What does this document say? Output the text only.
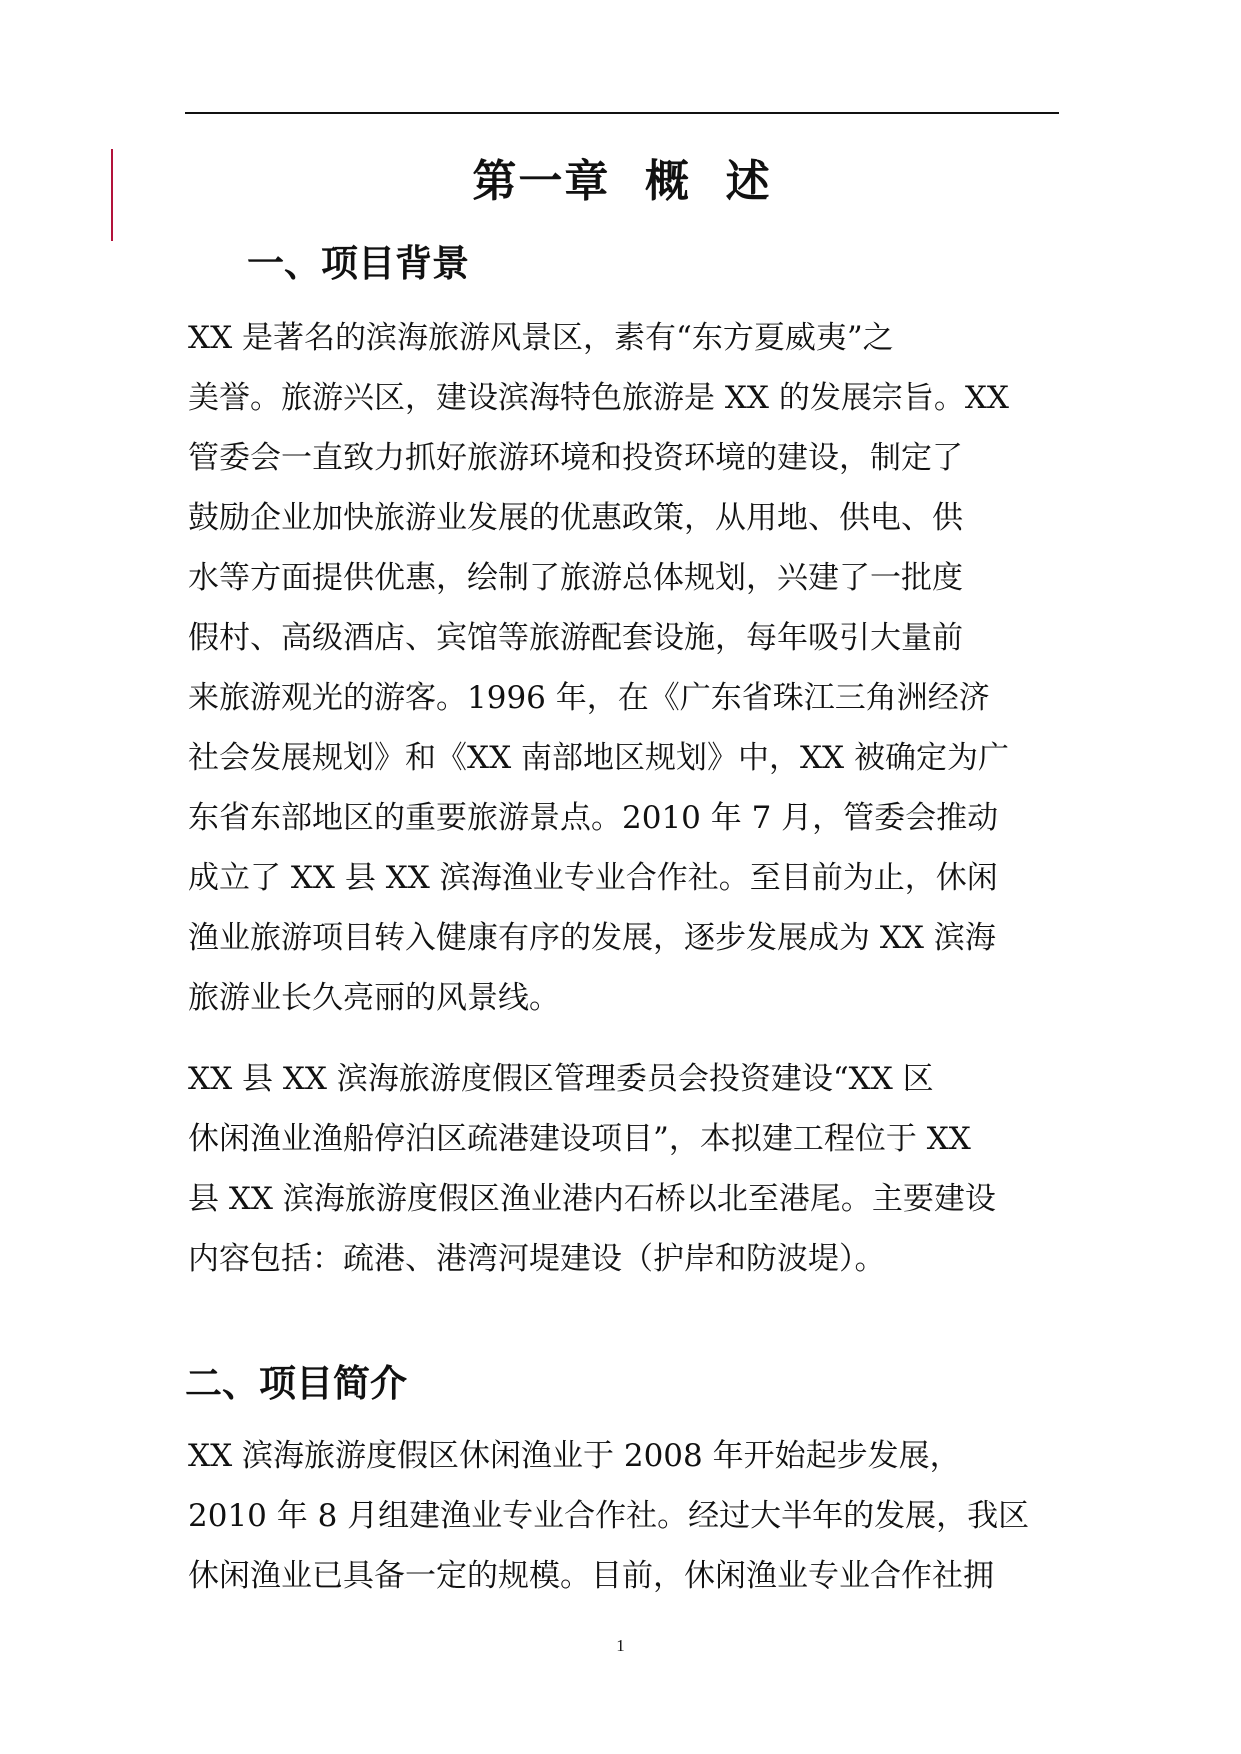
第一章  概  述
一、项目背景

XX 是著名的滨海旅游风景区，素有“东方夏威夷”之

美誉。旅游兴区，建设滨海特色旅游是 XX 的发展宗旨。XX

管委会一直致力抓好旅游环境和投资环境的建设，制定了

鼓励企业加快旅游业发展的优惠政策，从用地、供电、供

水等方面提供优惠，绘制了旅游总体规划，兴建了一批度

假村、高级酒店、宾馆等旅游配套设施，每年吸引大量前

来旅游观光的游客。1996 年，在《广东省珠江三角洲经济

社会发展规划》和《XX 南部地区规划》中，XX 被确定为广

东省东部地区的重要旅游景点。2010 年 7 月，管委会推动

成立了 XX 县 XX 滨海渔业专业合作社。至目前为止，休闲

渔业旅游项目转入健康有序的发展，逐步发展成为 XX 滨海

旅游业长久亮丽的风景线。

XX 县 XX 滨海旅游度假区管理委员会投资建设“XX 区

休闲渔业渔船停泊区疏港建设项目”，本拟建工程位于 XX

县 XX 滨海旅游度假区渔业港内石桥以北至港尾。主要建设

内容包括：疏港、港湾河堤建设（护岸和防波堤）。

二、项目简介

XX 滨海旅游度假区休闲渔业于 2008 年开始起步发展，

2010 年 8 月组建渔业专业合作社。经过大半年的发展，我区

休闲渔业已具备一定的规模。目前，休闲渔业专业合作社拥

1
